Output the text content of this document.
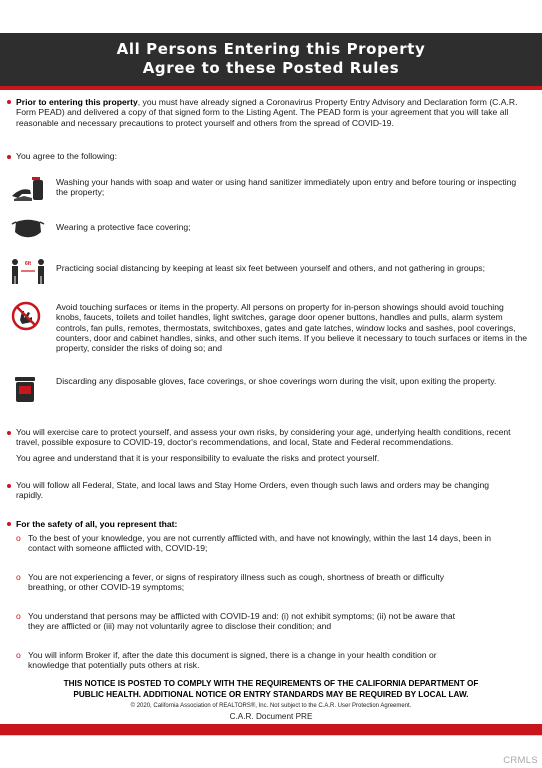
All Persons Entering this Property
Agree to these Posted Rules
Prior to entering this property, you must have already signed a Coronavirus Property Entry Advisory and Declaration form (C.A.R. Form PEAD) and delivered a copy of that signed form to the Listing Agent. The PEAD form is your agreement that you will take all reasonable and necessary precautions to protect yourself and others from the spread of COVID-19.
You agree to the following:
Washing your hands with soap and water or using hand sanitizer immediately upon entry and before touring or inspecting the property;
Wearing a protective face covering;
6ft	Practicing social distancing by keeping at least six feet between yourself and others, and not gathering in groups;
Avoid touching surfaces or items in the property. All persons on property for in-person showings should avoid touching knobs, faucets, toilets and toilet handles, light switches, garage door opener buttons, handles and pulls, alarm system controls, fan pulls, remotes, thermostats, switchboxes, gates and gate latches, window locks and sashes, pool coverings, counters, door and cabinet handles, sinks, and other such items. If you believe it necessary to touch surfaces or items in the property, consider the risks of doing so; and
Discarding any disposable gloves, face coverings, or shoe coverings worn during the visit, upon exiting the property.
You will exercise care to protect yourself, and assess your own risks, by considering your age, underlying health conditions, recent travel, possible exposure to COVID-19, doctor's recommendations, and local, State and Federal recommendations.
You agree and understand that it is your responsibility to evaluate the risks and protect yourself.
You will follow all Federal, State, and local laws and Stay Home Orders, even though such laws and orders may be changing rapidly.
For the safety of all, you represent that:
o To the best of your knowledge, you are not currently afflicted with, and have not knowingly, within the last 14 days, been in contact with someone afflicted with, COVID-19;
o You are not experiencing a fever, or signs of respiratory illness such as cough, shortness of breath or difficulty breathing, or other COVID-19 symptoms;
o You understand that persons may be afflicted with COVID-19 and: (i) not exhibit symptoms; (ii) not be aware that they are afflicted or (iii) may not voluntarily agree to disclose their condition; and
o You will inform Broker if, after the date this document is signed, there is a change in your health condition or knowledge that potentially puts others at risk.
THIS NOTICE IS POSTED TO COMPLY WITH THE REQUIREMENTS OF THE CALIFORNIA DEPARTMENT OF
PUBLIC HEALTH. ADDITIONAL NOTICE OR ENTRY STANDARDS MAY BE REQUIRED BY LOCAL LAW.
© 2020, California Association of REALTORS®, Inc. Not subject to the C.A.R. User Protection Agreement.
C.A.R. Document PRE
CRMLS
